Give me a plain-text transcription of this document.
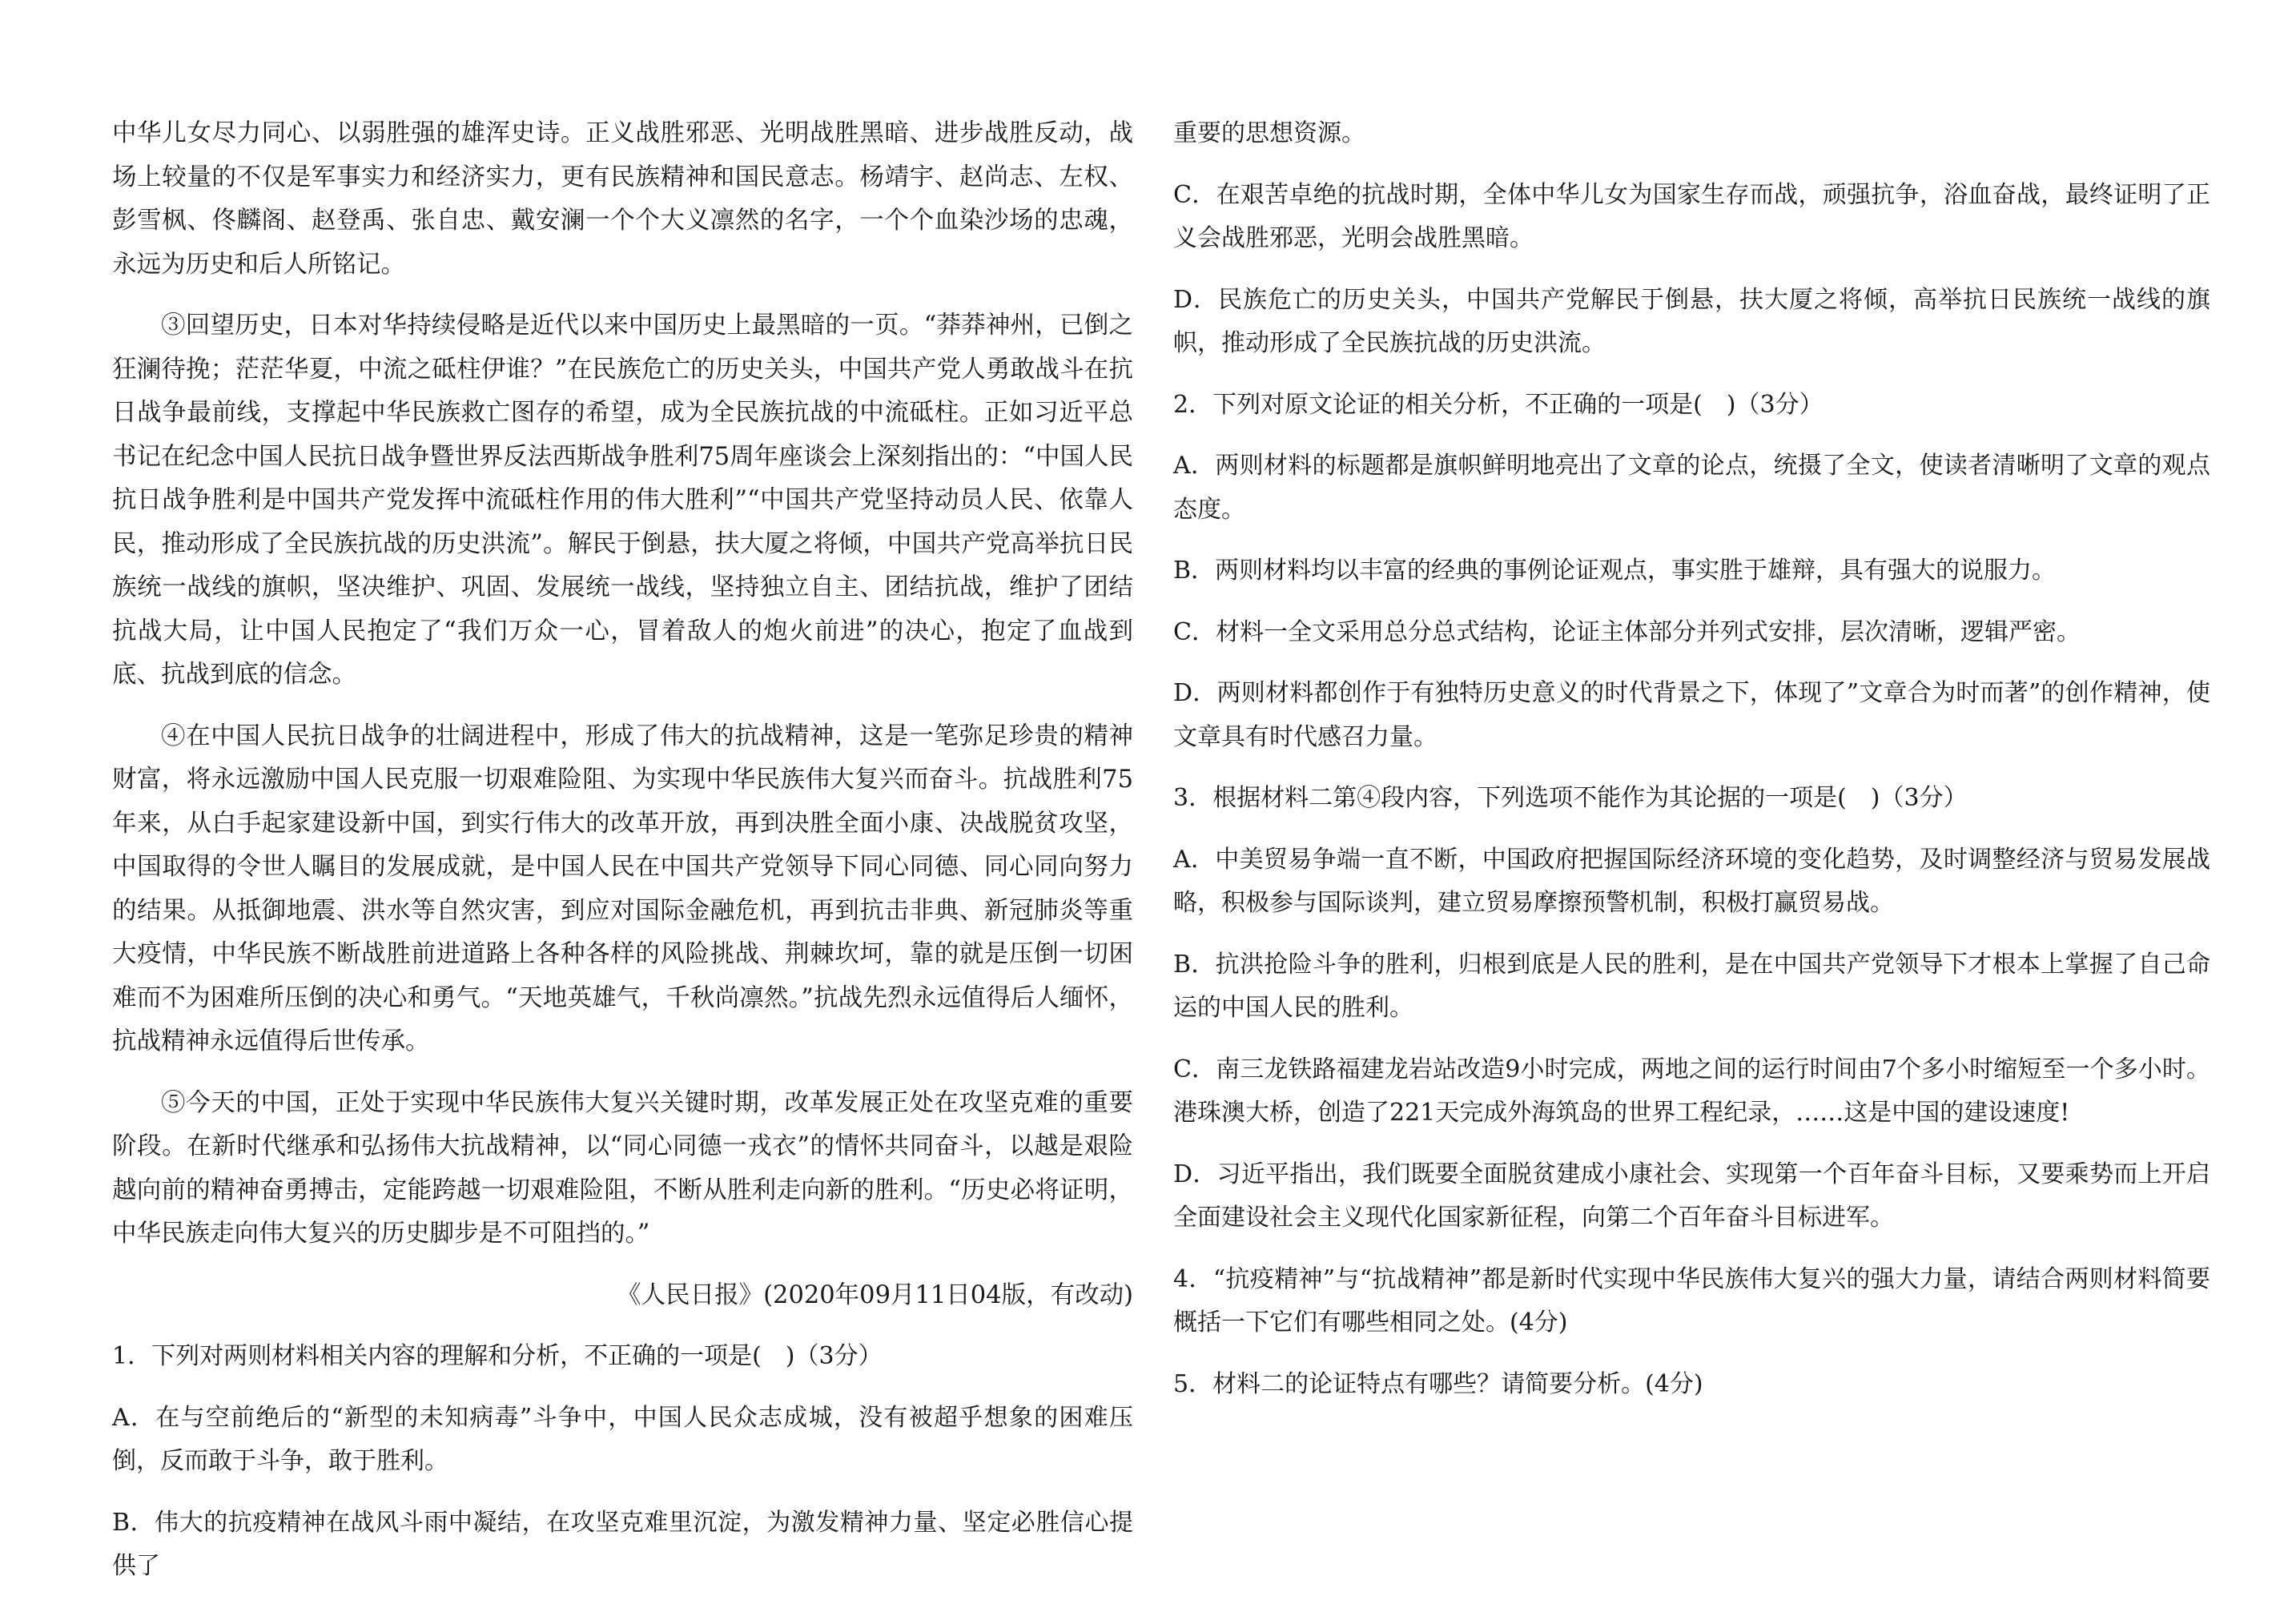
中华儿女尽力同心、以弱胜强的雄浑史诗。正义战胜邪恶、光明战胜黑暗、进步战胜反动，战场上较量的不仅是军事实力和经济实力，更有民族精神和国民意志。杨靖宇、赵尚志、左权、彭雪枫、佟麟阁、赵登禹、张自忠、戴安澜一个个大义凛然的名字，一个个血染沙场的忠魂，永远为历史和后人所铭记。

③回望历史，日本对华持续侵略是近代以来中国历史上最黑暗的一页。“莽莽神州，已倒之狂澜待挽；茫茫华夏，中流之砥柱伊谁？”在民族危亡的历史关头，中国共产党人勇敢战斗在抗日战争最前线，支撑起中华民族救亡图存的希望，成为全民族抗战的中流砥柱。正如习近平总书记在纪念中国人民抗日战争暨世界反法西斯战争胜利75周年座谈会上深刻指出的：“中国人民抗日战争胜利是中国共产党发挥中流砥柱作用的伟大胜利”“中国共产党坚持动员人民、依靠人民，推动形成了全民族抗战的历史洪流”。解民于倒悬，扶大厦之将倾，中国共产党高举抗日民族统一战线的旗帜，坚决维护、巩固、发展统一战线，坚持独立自主、团结抗战，维护了团结抗战大局，让中国人民抱定了“我们万众一心，冒着敌人的炮火前进”的决心，抱定了血战到底、抗战到底的信念。

④在中国人民抗日战争的壮阔进程中，形成了伟大的抗战精神，这是一笔弥足珍贵的精神财富，将永远激励中国人民克服一切艰难险阻、为实现中华民族伟大复兴而奋斗。抗战胜利75年来，从白手起家建设新中国，到实行伟大的改革开放，再到决胜全面小康、决战脱贫攻坚，中国取得的令世人瞩目的发展成就，是中国人民在中国共产党领导下同心同德、同心同向努力的结果。从抵御地震、洪水等自然灾害，到应对国际金融危机，再到抗击非典、新冠肺炎等重大疫情，中华民族不断战胜前进道路上各种各样的风险挑战、荆棘坎坷，靠的就是压倒一切困难而不为困难所压倒的决心和勇气。“天地英雄气，千秋尚凛然。”抗战先烈永远值得后人缅怀，抗战精神永远值得后世传承。

⑤今天的中国，正处于实现中华民族伟大复兴关键时期，改革发展正处在攻坚克难的重要阶段。在新时代继承和弘扬伟大抗战精神，以“同心同德一戎衣”的情怀共同奋斗，以越是艰险越向前的精神奋勇搏击，定能跨越一切艰难险阻，不断从胜利走向新的胜利。“历史必将证明，中华民族走向伟大复兴的历史脚步是不可阻挡的。”

《人民日报》(2020年09月11日04版，有改动)

1．下列对两则材料相关内容的理解和分析，不正确的一项是(　)（3分）

A．在与空前绝后的“新型的未知病毒”斗争中，中国人民众志成城，没有被超乎想象的困难压倒，反而敢于斗争，敢于胜利。

B．伟大的抗疫精神在战风斗雨中凝结，在攻坚克难里沉淀，为激发精神力量、坚定必胜信心提供了

重要的思想资源。

C．在艰苦卓绝的抗战时期，全体中华儿女为国家生存而战，顽强抗争，浴血奋战，最终证明了正义会战胜邪恶，光明会战胜黑暗。

D．民族危亡的历史关头，中国共产党解民于倒悬，扶大厦之将倾，高举抗日民族统一战线的旗帜，推动形成了全民族抗战的历史洪流。

2．下列对原文论证的相关分析，不正确的一项是(　)（3分）

A．两则材料的标题都是旗帜鲜明地亮出了文章的论点，统摄了全文，使读者清晰明了文章的观点态度。

B．两则材料均以丰富的经典的事例论证观点，事实胜于雄辩，具有强大的说服力。

C．材料一全文采用总分总式结构，论证主体部分并列式安排，层次清晰，逻辑严密。

D．两则材料都创作于有独特历史意义的时代背景之下，体现了”文章合为时而著”的创作精神，使文章具有时代感召力量。

3．根据材料二第④段内容，下列选项不能作为其论据的一项是(　)（3分）

A．中美贸易争端一直不断，中国政府把握国际经济环境的变化趋势，及时调整经济与贸易发展战略，积极参与国际谈判，建立贸易摩擦预警机制，积极打赢贸易战。

B．抗洪抢险斗争的胜利，归根到底是人民的胜利，是在中国共产党领导下才根本上掌握了自己命运的中国人民的胜利。

C．南三龙铁路福建龙岩站改造9小时完成，两地之间的运行时间由7个多小时缩短至一个多小时。港珠澳大桥，创造了221天完成外海筑岛的世界工程纪录，……这是中国的建设速度!

D．习近平指出，我们既要全面脱贫建成小康社会、实现第一个百年奋斗目标，又要乘势而上开启全面建设社会主义现代化国家新征程，向第二个百年奋斗目标进军。

4．“抗疫精神”与“抗战精神”都是新时代实现中华民族伟大复兴的强大力量，请结合两则材料简要概括一下它们有哪些相同之处。(4分)

5．材料二的论证特点有哪些？请简要分析。(4分)
